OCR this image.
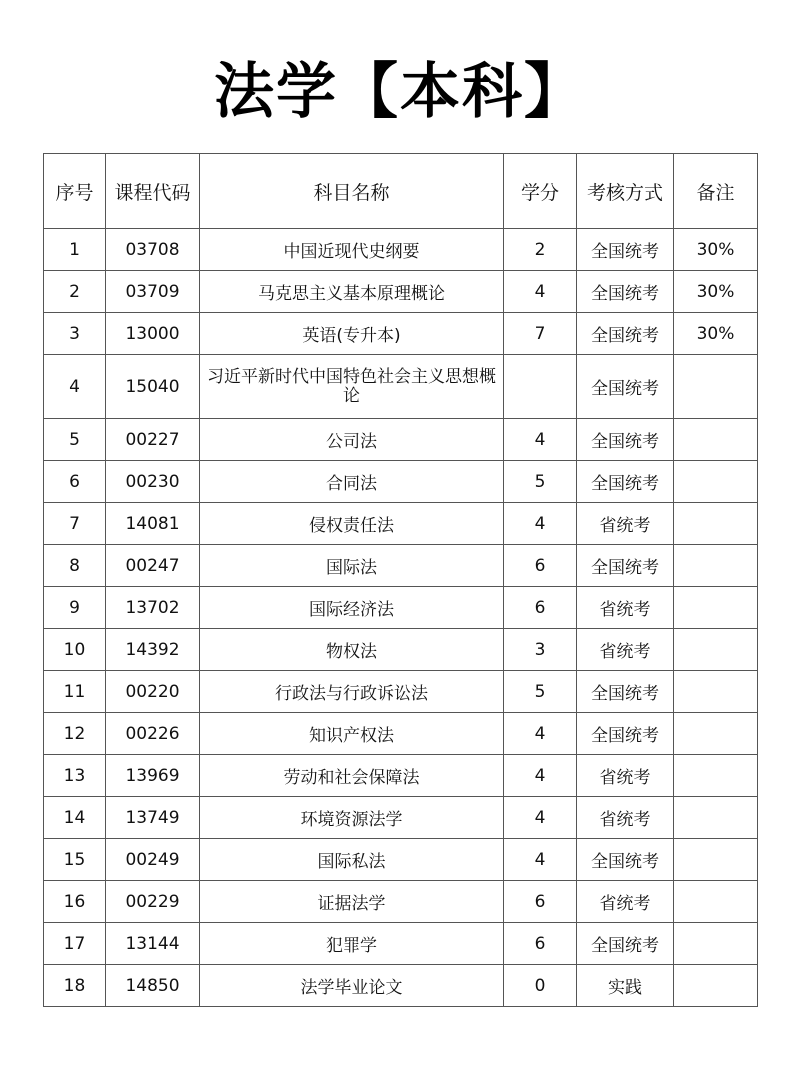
法学【本科】
序号	课程代码	科目名称	学分	考核方式	备注
1	03708	中国近现代史纲要	2	全国统考	30%
2	03709	马克思主义基本原理概论	4	全国统考	30%
3	13000	英语(专升本)	7	全国统考	30%
4	15040	习近平新时代中国特色社会主义思想概论		全国统考	
5	00227	公司法	4	全国统考	
6	00230	合同法	5	全国统考	
7	14081	侵权责任法	4	省统考	
8	00247	国际法	6	全国统考	
9	13702	国际经济法	6	省统考	
10	14392	物权法	3	省统考	
11	00220	行政法与行政诉讼法	5	全国统考	
12	00226	知识产权法	4	全国统考	
13	13969	劳动和社会保障法	4	省统考	
14	13749	环境资源法学	4	省统考	
15	00249	国际私法	4	全国统考	
16	00229	证据法学	6	省统考	
17	13144	犯罪学	6	全国统考	
18	14850	法学毕业论文	0	实践	
